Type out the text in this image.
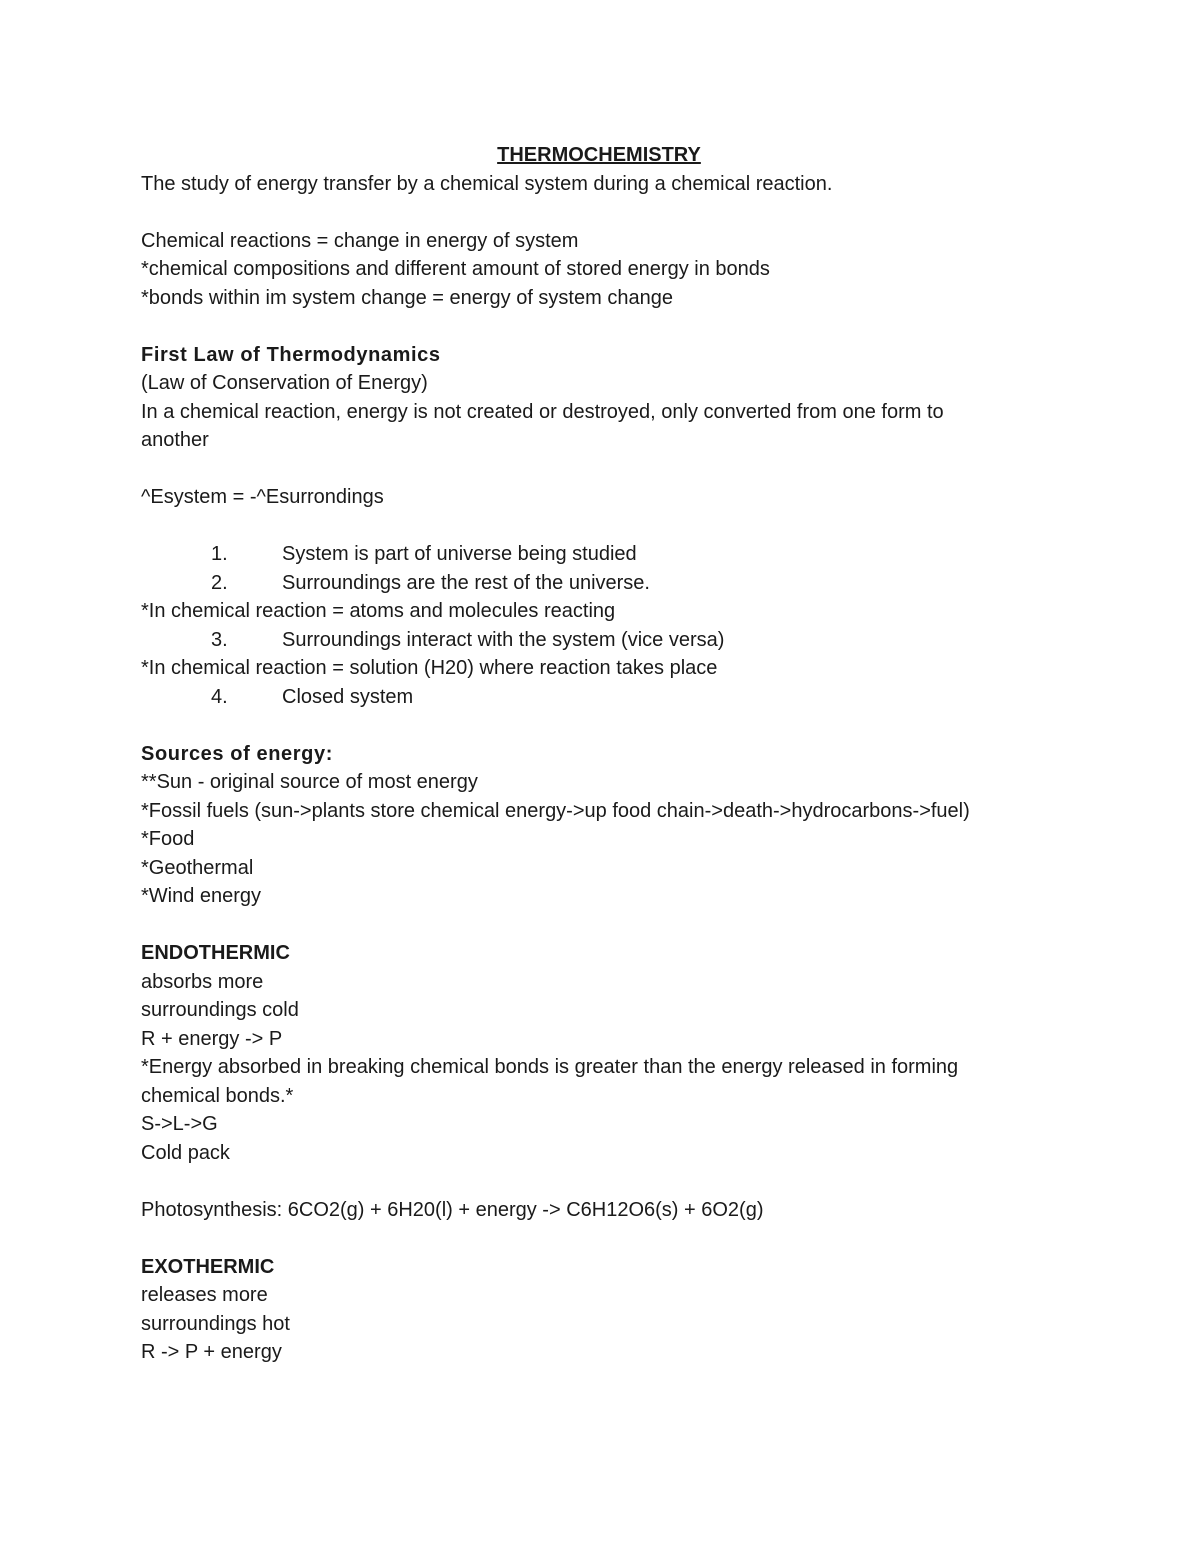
THERMOCHEMISTRY
The study of energy transfer by a chemical system during a chemical reaction.
Chemical reactions = change in energy of system
*chemical compositions and different amount of stored energy in bonds
*bonds within im system change = energy of system change
First Law of Thermodynamics
(Law of Conservation of Energy)
In a chemical reaction, energy is not created or destroyed, only converted from one form to
another
^Esystem = -^Esurrondings
1.	System is part of universe being studied
2.	Surroundings are the rest of the universe.
*In chemical reaction = atoms and molecules reacting
3.	Surroundings interact with the system (vice versa)
*In chemical reaction = solution (H20) where reaction takes place
4.	Closed system
Sources of energy:
**Sun - original source of most energy
*Fossil fuels (sun->plants store chemical energy->up food chain->death->hydrocarbons->fuel)
*Food
*Geothermal
*Wind energy
ENDOTHERMIC
absorbs more
surroundings cold
R + energy -> P
*Energy absorbed in breaking chemical bonds is greater than the energy released in forming
chemical bonds.*
S->L->G
Cold pack
Photosynthesis: 6CO2(g) + 6H20(l) + energy -> C6H12O6(s) + 6O2(g)
EXOTHERMIC
releases more
surroundings hot
R -> P + energy
